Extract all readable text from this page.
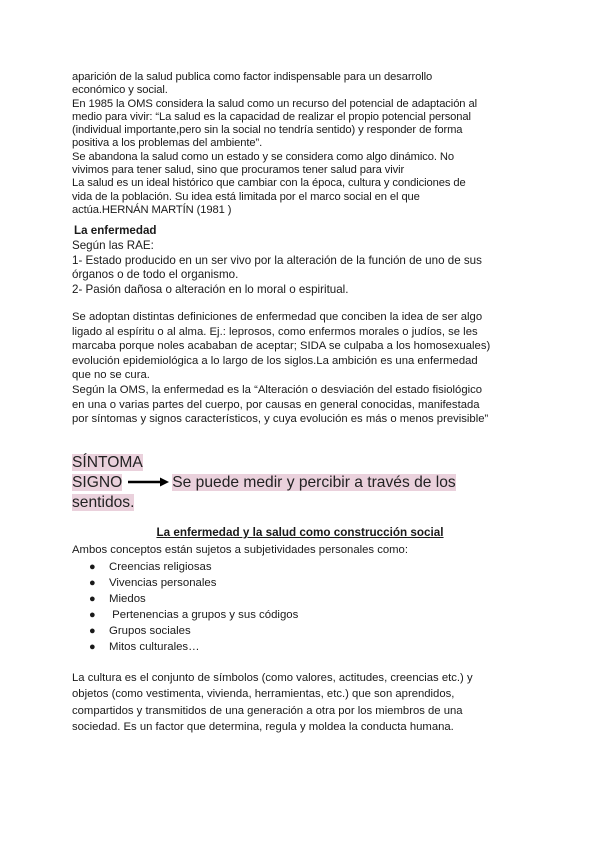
aparición de la salud publica como factor indispensable para un desarrollo
económico y social.
En 1985 la OMS considera la salud como un recurso del potencial de adaptación al
medio para vivir: “La salud es la capacidad de realizar el propio potencial personal
(individual importante,pero sin la social no tendría sentido) y responder de forma
positiva a los problemas del ambiente”.
Se abandona la salud como un estado y se considera como algo dinámico. No
vivimos para tener salud, sino que procuramos tener salud para vivir
La salud es un ideal histórico que cambiar con la época, cultura y condiciones de
vida de la población. Su idea está limitada por el marco social en el que
actúa.HERNÁN MARTÍN (1981 )
La enfermedad
Según las RAE:
1- Estado producido en un ser vivo por la alteración de la función de uno de sus
órganos o de todo el organismo.
2- Pasión dañosa o alteración en lo moral o espiritual.
Se adoptan distintas definiciones de enfermedad que conciben la idea de ser algo
ligado al espíritu o al alma. Ej.: leprosos, como enfermos morales o judíos, se les
marcaba porque noles acababan de aceptar; SIDA se culpaba a los homosexuales)
evolución epidemiológica a lo largo de los siglos.La ambición es una enfermedad
que no se cura.
Según la OMS, la enfermedad es la “Alteración o desviación del estado fisiológico
en una o varias partes del cuerpo, por causas en general conocidas, manifestada
por síntomas y signos característicos, y cuya evolución es más o menos previsible”
SÍNTOMA
SIGNO	Se puede medir y percibir a través de los
sentidos.
La enfermedad y la salud como construcción social
Ambos conceptos están sujetos a subjetividades personales como:
● Creencias religiosas
● Vivencias personales
● Miedos
● Pertenencias a grupos y sus códigos
● Grupos sociales
● Mitos culturales…
La cultura es el conjunto de símbolos (como valores, actitudes, creencias etc.) y
objetos (como vestimenta, vivienda, herramientas, etc.) que son aprendidos,
compartidos y transmitidos de una generación a otra por los miembros de una
sociedad. Es un factor que determina, regula y moldea la conducta humana.
